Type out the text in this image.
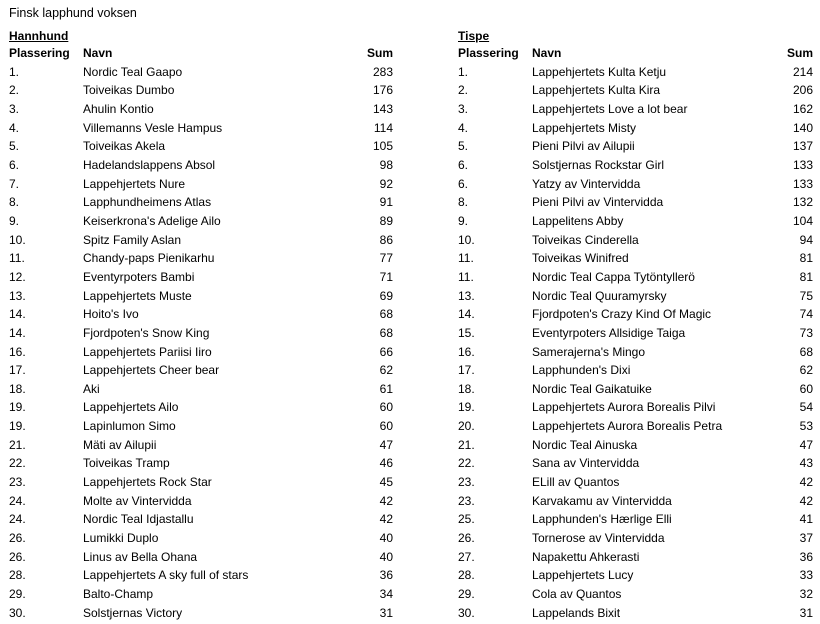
Finsk lapphund voksen
Hannhund
Plassering	Navn	Sum
1.	Nordic Teal Gaapo	283
2.	Toiveikas Dumbo	176
3.	Ahulin Kontio	143
4.	Villemanns Vesle Hampus	114
5.	Toiveikas Akela	105
6.	Hadelandslappens Absol	98
7.	Lappehjertets Nure	92
8.	Lapphundheimens Atlas	91
9.	Keiserkrona's Adelige Ailo	89
10.	Spitz Family Aslan	86
11.	Chandy-paps Pienikarhu	77
12.	Eventyrpoters Bambi	71
13.	Lappehjertets Muste	69
14.	Hoito's Ivo	68
14.	Fjordpoten's Snow King	68
16.	Lappehjertets Pariisi Iiro	66
17.	Lappehjertets Cheer bear	62
18.	Aki	61
19.	Lappehjertets Ailo	60
19.	Lapinlumon Simo	60
21.	Mäti av Ailupii	47
22.	Toiveikas Tramp	46
23.	Lappehjertets Rock Star	45
24.	Molte av Vintervidda	42
24.	Nordic Teal Idjastallu	42
26.	Lumikki Duplo	40
26.	Linus av Bella Ohana	40
28.	Lappehjertets A sky full of stars	36
29.	Balto-Champ	34
30.	Solstjernas Victory	31
Tispe
Plassering	Navn	Sum
1.	Lappehjertets Kulta Ketju	214
2.	Lappehjertets Kulta Kira	206
3.	Lappehjertets Love a lot bear	162
4.	Lappehjertets Misty	140
5.	Pieni Pilvi av Ailupii	137
6.	Solstjernas Rockstar Girl	133
6.	Yatzy av Vintervidda	133
8.	Pieni Pilvi av Vintervidda	132
9.	Lappelitens Abby	104
10.	Toiveikas Cinderella	94
11.	Toiveikas Winifred	81
11.	Nordic Teal Cappa Tytöntyllerö	81
13.	Nordic Teal Quuramyrsky	75
14.	Fjordpoten's Crazy Kind Of Magic	74
15.	Eventyrpoters Allsidige Taiga	73
16.	Samerajerna's Mingo	68
17.	Lapphunden's Dixi	62
18.	Nordic Teal Gaikatuike	60
19.	Lappehjertets Aurora Borealis Pilvi	54
20.	Lappehjertets Aurora Borealis Petra	53
21.	Nordic Teal Ainuska	47
22.	Sana av Vintervidda	43
23.	ELill av Quantos	42
23.	Karvakamu av Vintervidda	42
25.	Lapphunden's Hærlige Elli	41
26.	Tornerose av Vintervidda	37
27.	Napakettu Ahkerasti	36
28.	Lappehjertets Lucy	33
29.	Cola av Quantos	32
30.	Lappelands Bixit	31
